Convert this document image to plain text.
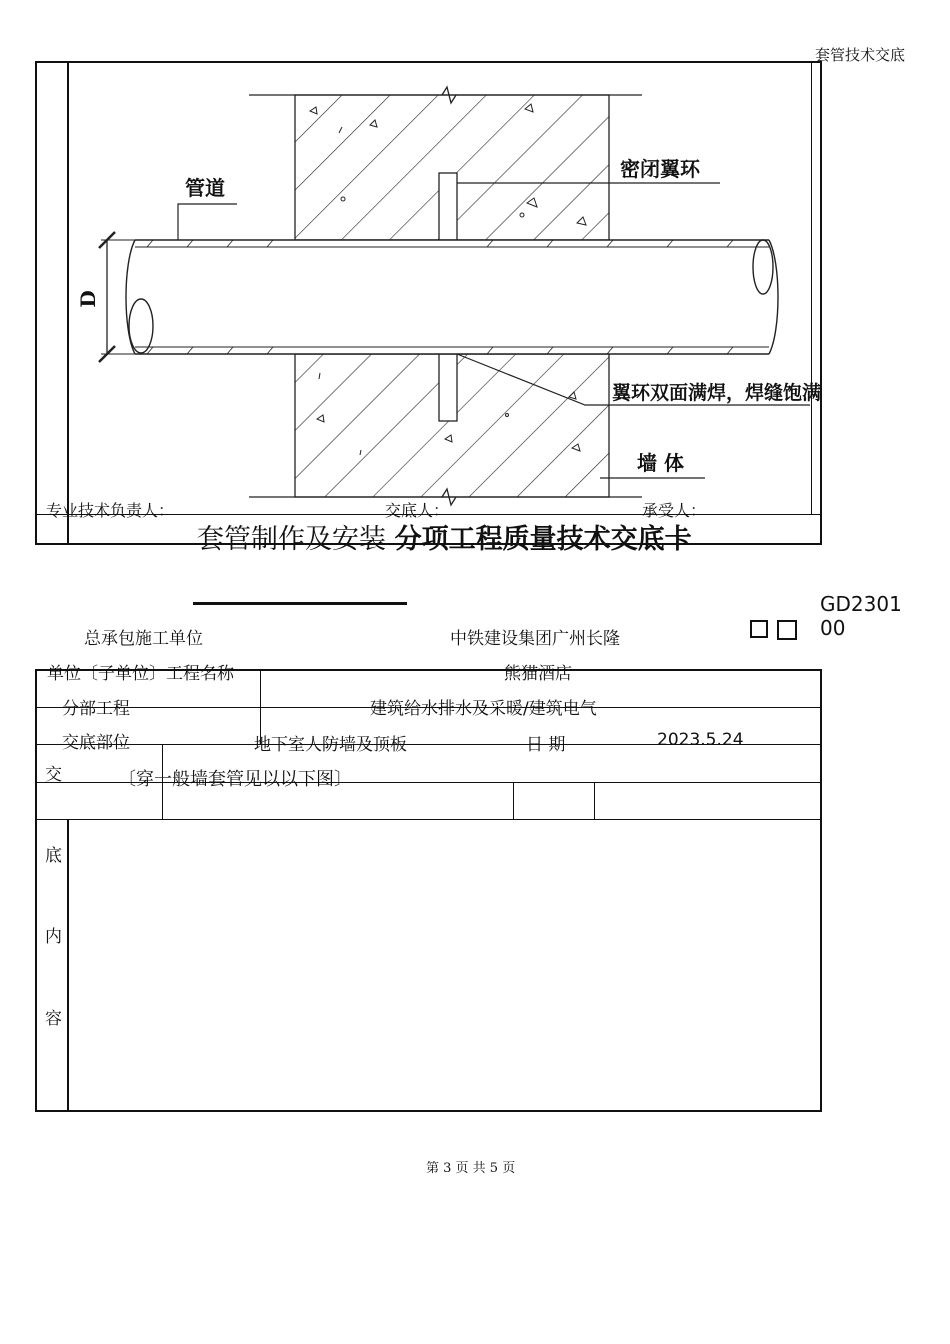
套管技术交底
D
管道
密闭翼环
翼环双面满焊，焊缝饱满
墙 体
专业技术负责人：	交底人：	承受人：
套管制作及安装 分项工程质量技术交底卡
GD2301
00
总承包施工单位	中铁建设集团广州长隆
单位〔子单位〕工程名称	熊猫酒店
分部工程	建筑给水排水及采暖/建筑电气
交底部位	地下室人防墙及顶板	日 期	2023.5.24
交	〔穿一般墙套管见以以下图〕
底
内
容
第 3 页 共 5 页
